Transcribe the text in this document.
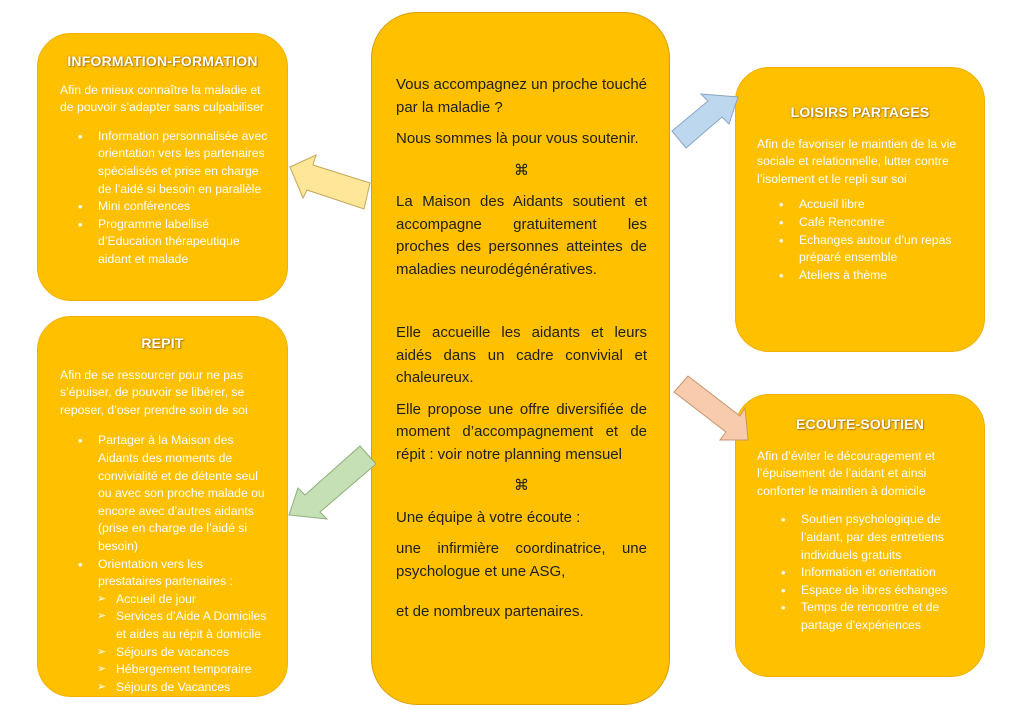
INFORMATION-FORMATION

Afin de mieux connaître la maladie et de pouvoir s’adapter sans culpabiliser

• Information personnalisée avec orientation vers les partenaires spécialisés et prise en charge de l’aidé si besoin en parallèle
• Mini conférences
• Programme labellisé d’Education thérapeutique aidant et malade
REPIT

Afin de se ressourcer pour ne pas s’épuiser, de pouvoir se libérer, se reposer, d’oser prendre soin de soi

• Partager à la Maison des Aidants des moments de convivialité et de détente seul ou avec son proche malade ou encore avec d’autres aidants (prise en charge de l’aidé si besoin)
• Orientation vers les prestataires partenaires :
➢ Accueil de jour
➢ Services d’Aide A Domiciles et aides au répit à domicile
➢ Séjours de vacances
➢ Hébergement temporaire
➢ Séjours de Vacances

Vous accompagnez un proche touché par la maladie ?

Nous sommes là pour vous soutenir.

⌘

La Maison des Aidants soutient et accompagne gratuitement les proches des personnes atteintes de maladies neurodégénératives.

Elle accueille les aidants et leurs aidés dans un cadre convivial et chaleureux.

Elle propose une offre diversifiée de moment d’accompagnement et de répit : voir notre planning mensuel

⌘

Une équipe à votre écoute :

une infirmière coordinatrice, une psychologue et une ASG,

et de nombreux partenaires.

LOISIRS PARTAGES

Afin de favoriser le maintien de la vie sociale et relationnelle, lutter contre l’isolement et le repli sur soi

• Accueil libre
• Café Rencontre
• Echanges autour d’un repas préparé ensemble
• Ateliers à thème
ECOUTE-SOUTIEN

Afin d’éviter le découragement et l’épuisement de l’aidant et ainsi conforter le maintien à domicile

• Soutien psychologique de l’aidant, par des entretiens individuels gratuits
• Information et orientation
• Espace de libres échanges
• Temps de rencontre et de partage d’expériences
